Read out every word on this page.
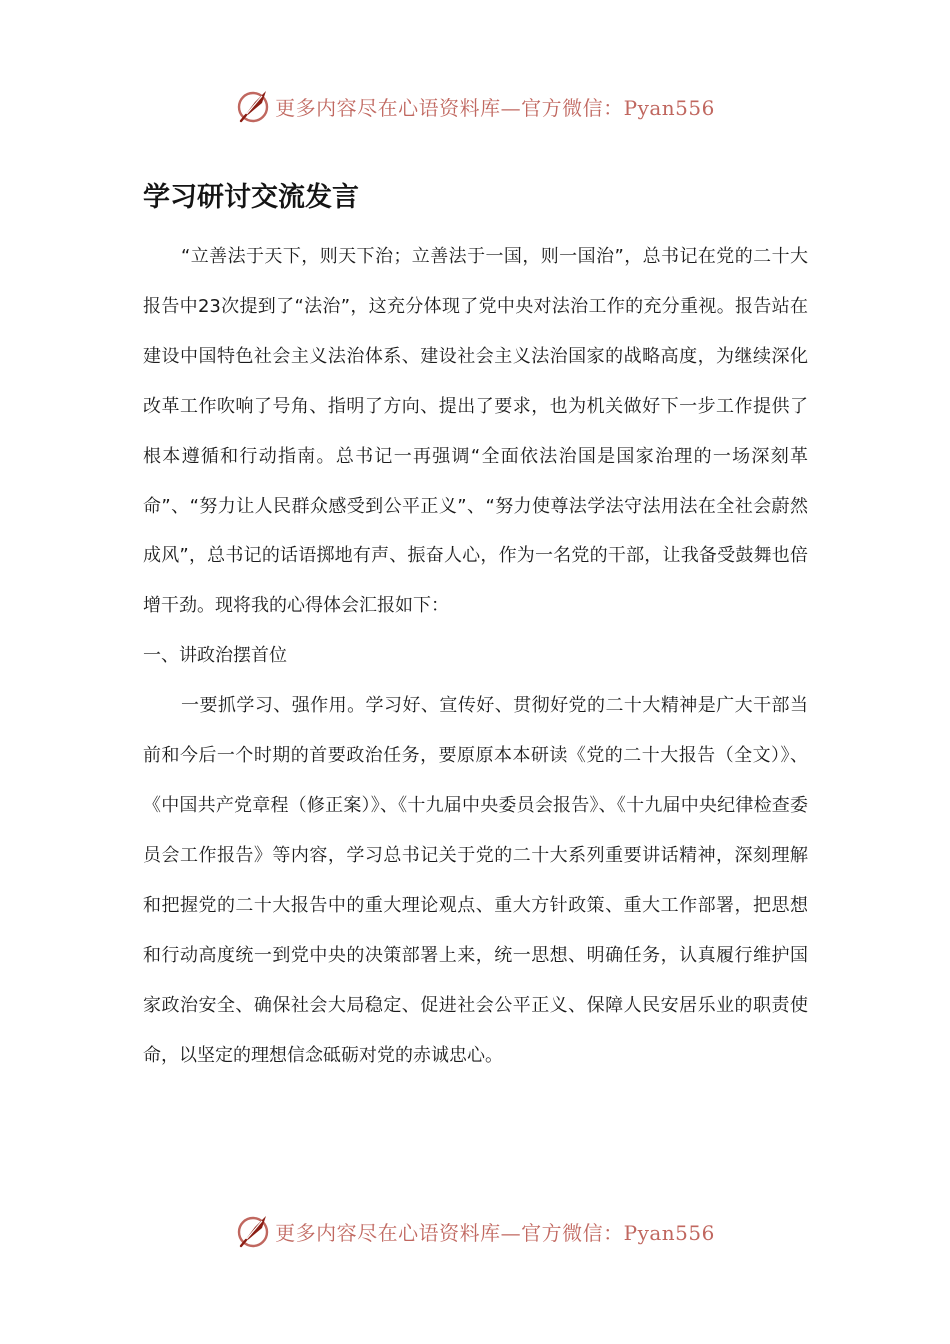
更多内容尽在心语资料库—官方微信：Pyan556
学习研讨交流发言

“立善法于天下，则天下治；立善法于一国，则一国治”，总书记在党的二十大报告中23次提到了“法治”，这充分体现了党中央对法治工作的充分重视。报告站在建设中国特色社会主义法治体系、建设社会主义法治国家的战略高度，为继续深化改革工作吹响了号角、指明了方向、提出了要求，也为机关做好下一步工作提供了根本遵循和行动指南。总书记一再强调“全面依法治国是国家治理的一场深刻革命”、“努力让人民群众感受到公平正义”、“努力使尊法学法守法用法在全社会蔚然成风”，总书记的话语掷地有声、振奋人心，作为一名党的干部，让我备受鼓舞也倍增干劲。现将我的心得体会汇报如下：

一、讲政治摆首位

一要抓学习、强作用。学习好、宣传好、贯彻好党的二十大精神是广大干部当前和今后一个时期的首要政治任务，要原原本本研读《党的二十大报告（全文）》、《中国共产党章程（修正案）》、《十九届中央委员会报告》、《十九届中央纪律检查委员会工作报告》等内容，学习总书记关于党的二十大系列重要讲话精神，深刻理解和把握党的二十大报告中的重大理论观点、重大方针政策、重大工作部署，把思想和行动高度统一到党中央的决策部署上来，统一思想、明确任务，认真履行维护国家政治安全、确保社会大局稳定、促进社会公平正义、保障人民安居乐业的职责使命，以坚定的理想信念砥砺对党的赤诚忠心。

更多内容尽在心语资料库—官方微信：Pyan556
